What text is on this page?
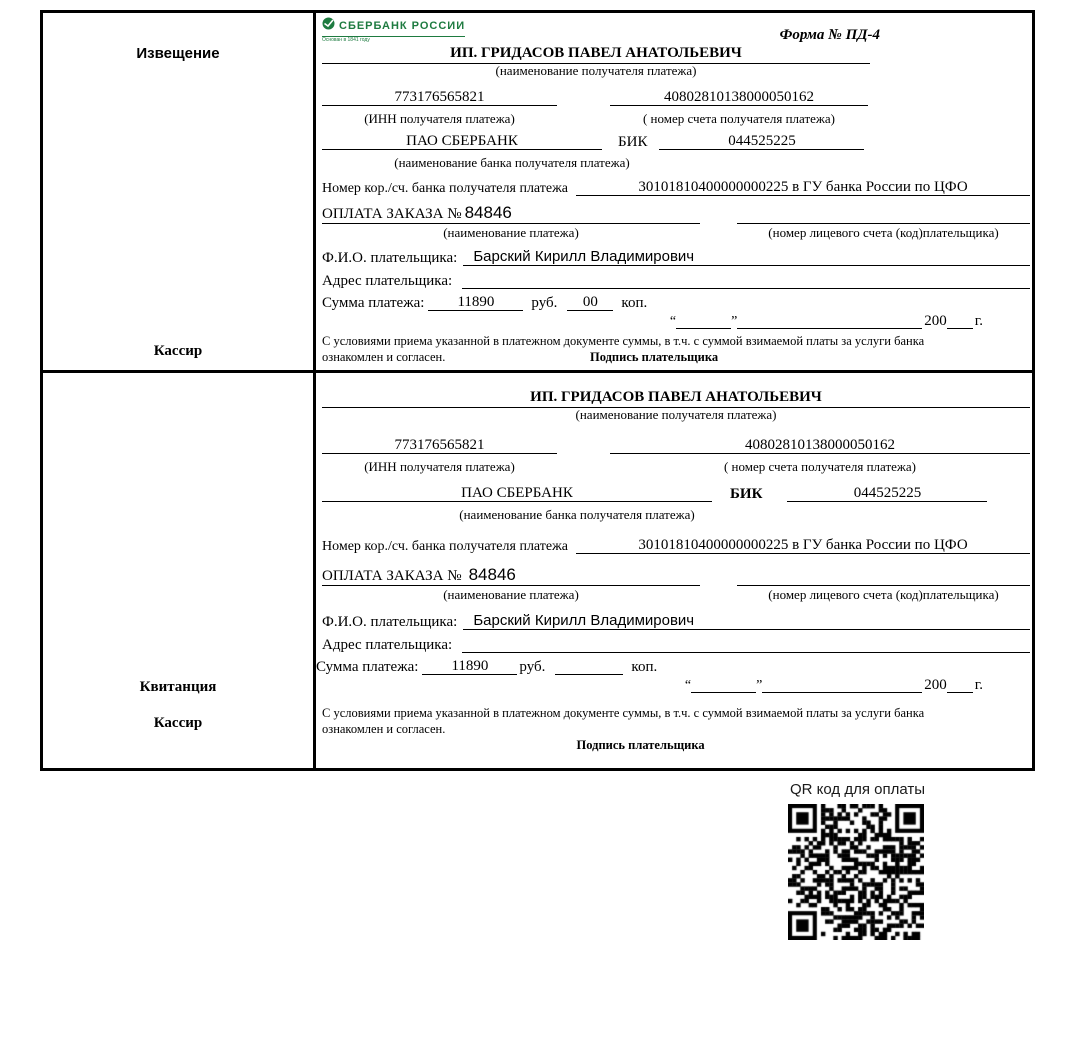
Извещение
Кассир
СБЕРБАНК РОССИИ
Основан в 1841 году	Форма № ПД-4
ИП. ГРИДАСОВ ПАВЕЛ АНАТОЛЬЕВИЧ
(наименование получателя платежа)
773176565821	40802810138000050162
(ИНН получателя платежа)	( номер счета получателя платежа)
ПАО СБЕРБАНК	БИК	044525225
(наименование банка получателя платежа)
Номер кор./сч. банка получателя платежа	30101810400000000225 в ГУ банка России по ЦФО
ОПЛАТА ЗАКАЗА № 84846
(наименование платежа)	(номер лицевого счета (код)плательщика)
Ф.И.О. плательщика:	Барский Кирилл Владимирович
Адрес плательщика:
Сумма платежа:	11890	руб.	00	коп.
“	”	200 г.
С условиями приема указанной в платежном документе суммы, в т.ч. с суммой взимаемой платы за услуги банка ознакомлен и согласен.	Подпись плательщика
Квитанция
Кассир
ИП. ГРИДАСОВ ПАВЕЛ АНАТОЛЬЕВИЧ
(наименование получателя платежа)
773176565821	40802810138000050162
(ИНН получателя платежа)	( номер счета получателя платежа)
ПАО СБЕРБАНК	БИК	044525225
(наименование банка получателя платежа)
Номер кор./сч. банка получателя платежа	30101810400000000225 в ГУ банка России по ЦФО
ОПЛАТА ЗАКАЗА № 84846
(наименование платежа)	(номер лицевого счета (код)плательщика)
Ф.И.О. плательщика:	Барский Кирилл Владимирович
Адрес плательщика:
Сумма платежа:	11890	руб.	коп.
“	”	200 г.
С условиями приема указанной в платежном документе суммы, в т.ч. с суммой взимаемой платы за услуги банка ознакомлен и согласен.
Подпись плательщика
QR код для оплаты
